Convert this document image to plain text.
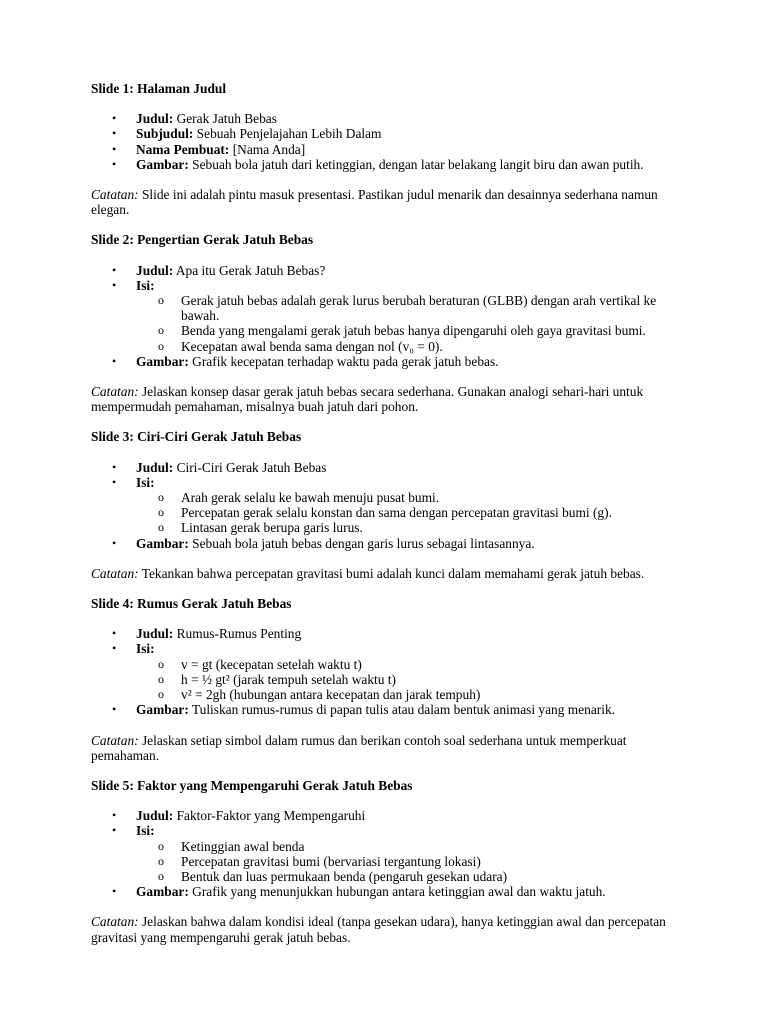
Slide 1: Halaman Judul

• Judul: Gerak Jatuh Bebas
• Subjudul: Sebuah Penjelajahan Lebih Dalam
• Nama Pembuat: [Nama Anda]
• Gambar: Sebuah bola jatuh dari ketinggian, dengan latar belakang langit biru dan awan putih.

Catatan: Slide ini adalah pintu masuk presentasi. Pastikan judul menarik dan desainnya sederhana namun elegan.

Slide 2: Pengertian Gerak Jatuh Bebas

• Judul: Apa itu Gerak Jatuh Bebas?
• Isi:
o Gerak jatuh bebas adalah gerak lurus berubah beraturan (GLBB) dengan arah vertikal ke bawah.
o Benda yang mengalami gerak jatuh bebas hanya dipengaruhi oleh gaya gravitasi bumi.
o Kecepatan awal benda sama dengan nol (v₀ = 0).
• Gambar: Grafik kecepatan terhadap waktu pada gerak jatuh bebas.

Catatan: Jelaskan konsep dasar gerak jatuh bebas secara sederhana. Gunakan analogi sehari-hari untuk mempermudah pemahaman, misalnya buah jatuh dari pohon.

Slide 3: Ciri-Ciri Gerak Jatuh Bebas

• Judul: Ciri-Ciri Gerak Jatuh Bebas
• Isi:
o Arah gerak selalu ke bawah menuju pusat bumi.
o Percepatan gerak selalu konstan dan sama dengan percepatan gravitasi bumi (g).
o Lintasan gerak berupa garis lurus.
• Gambar: Sebuah bola jatuh bebas dengan garis lurus sebagai lintasannya.

Catatan: Tekankan bahwa percepatan gravitasi bumi adalah kunci dalam memahami gerak jatuh bebas.

Slide 4: Rumus Gerak Jatuh Bebas

• Judul: Rumus-Rumus Penting
• Isi:
o v = gt (kecepatan setelah waktu t)
o h = ½ gt² (jarak tempuh setelah waktu t)
o v² = 2gh (hubungan antara kecepatan dan jarak tempuh)
• Gambar: Tuliskan rumus-rumus di papan tulis atau dalam bentuk animasi yang menarik.

Catatan: Jelaskan setiap simbol dalam rumus dan berikan contoh soal sederhana untuk memperkuat pemahaman.

Slide 5: Faktor yang Mempengaruhi Gerak Jatuh Bebas

• Judul: Faktor-Faktor yang Mempengaruhi
• Isi:
o Ketinggian awal benda
o Percepatan gravitasi bumi (bervariasi tergantung lokasi)
o Bentuk dan luas permukaan benda (pengaruh gesekan udara)
• Gambar: Grafik yang menunjukkan hubungan antara ketinggian awal dan waktu jatuh.

Catatan: Jelaskan bahwa dalam kondisi ideal (tanpa gesekan udara), hanya ketinggian awal dan percepatan gravitasi yang mempengaruhi gerak jatuh bebas.
